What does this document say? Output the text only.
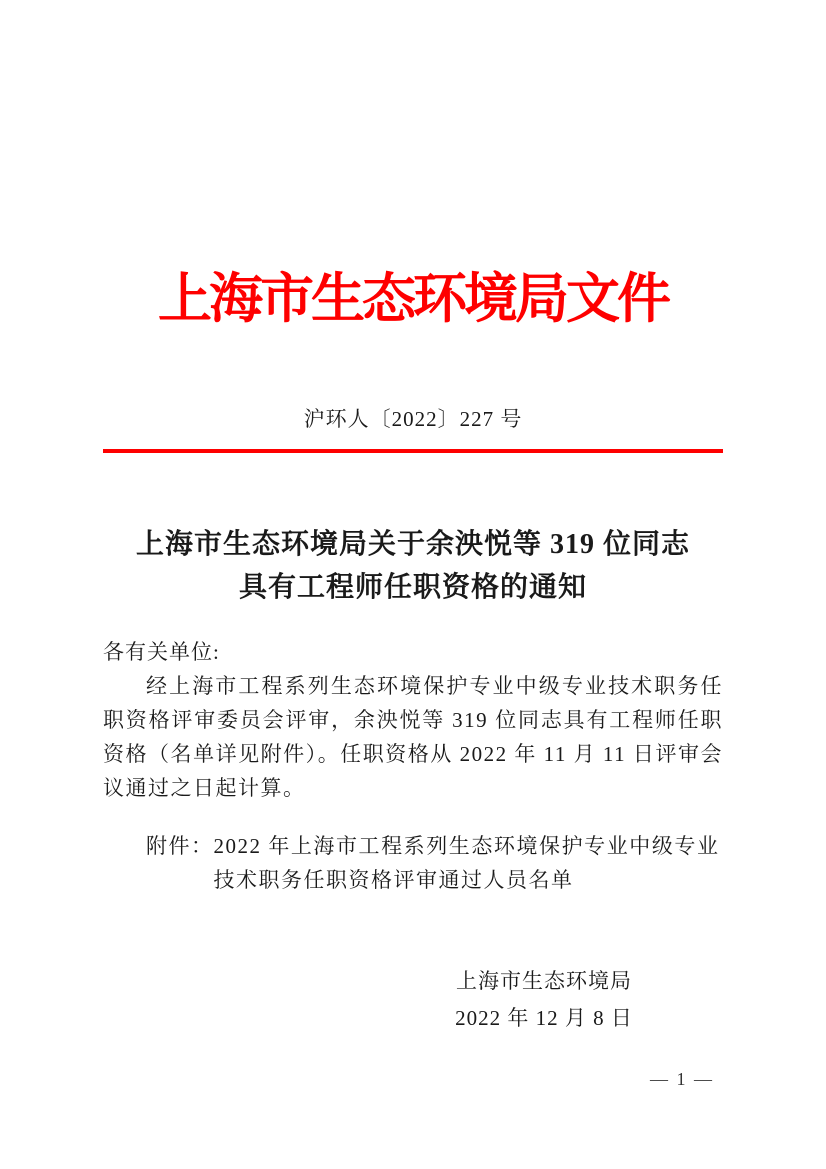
上海市生态环境局文件
沪环人〔2022〕227 号
上海市生态环境局关于余泱悦等 319 位同志
具有工程师任职资格的通知
各有关单位:
经上海市工程系列生态环境保护专业中级专业技术职务任职资格评审委员会评审，余泱悦等 319 位同志具有工程师任职资格（名单详见附件）。任职资格从 2022 年 11 月 11 日评审会议通过之日起计算。
附件： 2022 年上海市工程系列生态环境保护专业中级专业技术职务任职资格评审通过人员名单
上海市生态环境局
2022 年 12 月 8 日
— 1 —
